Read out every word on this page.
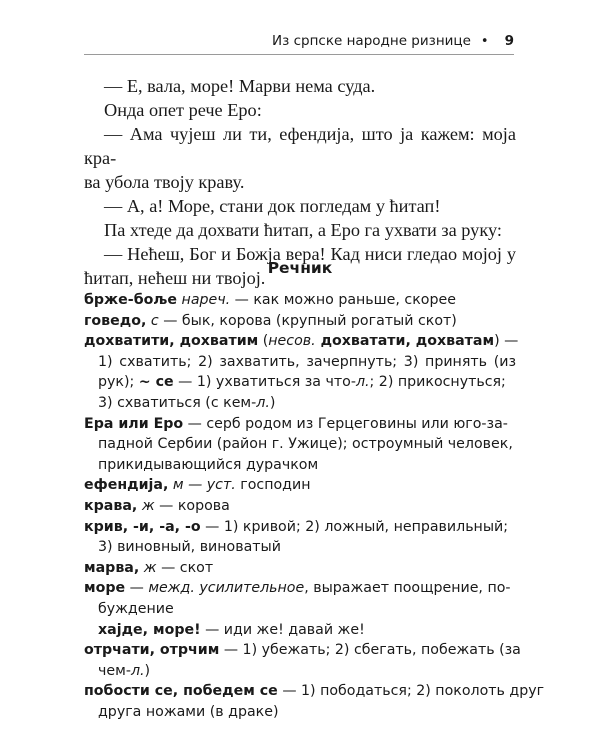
Из српске народне ризнице • 9

— Е, вала, море! Марви нема суда.

Онда опет рече Еро:

— Ама чујеш ли ти, ефендија, што ја кажем: моја кра-

ва убола твоју краву.

— А, а! Море, стани док погледам у ћитап!

Па хтеде да дохвати ћитап, а Еро га ухвати за руку:

— Нећеш, Бог и Божја вера! Кад ниси гледао мојој у

ћитап, нећеш ни твојој. Речник
брже-боље нареч. — как можно раньше, скорее
говедо, с — бык, корова (крупный рогатый скот)
дохватити, дохватим (несов. дохватати, дохватам) —
1) схватить; 2) захватить, зачерпнуть; 3) принять (из
рук); ~ се — 1) ухватиться за что-л.; 2) прикоснуться;
3) схватиться (с кем-л.)
Ера или Еро — серб родом из Герцеговины или юго-за-
падной Сербии (район г. Ужице); остроумный человек,
прикидывающийся дурачком
ефендија, м — уст. господин
крава, ж — корова
крив, -и, -а, -о — 1) кривой; 2) ложный, неправильный;
3) виновный, виноватый
марва, ж — скот
море — межд. усилительное, выражает поощрение, по-
буждение
хајде, море! — иди же! давай же!
отрчати, отрчим — 1) убежать; 2) сбегать, побежать (за
чем-л.)
побости се, победем се — 1) пободаться; 2) поколоть друг
друга ножами (в драке)
